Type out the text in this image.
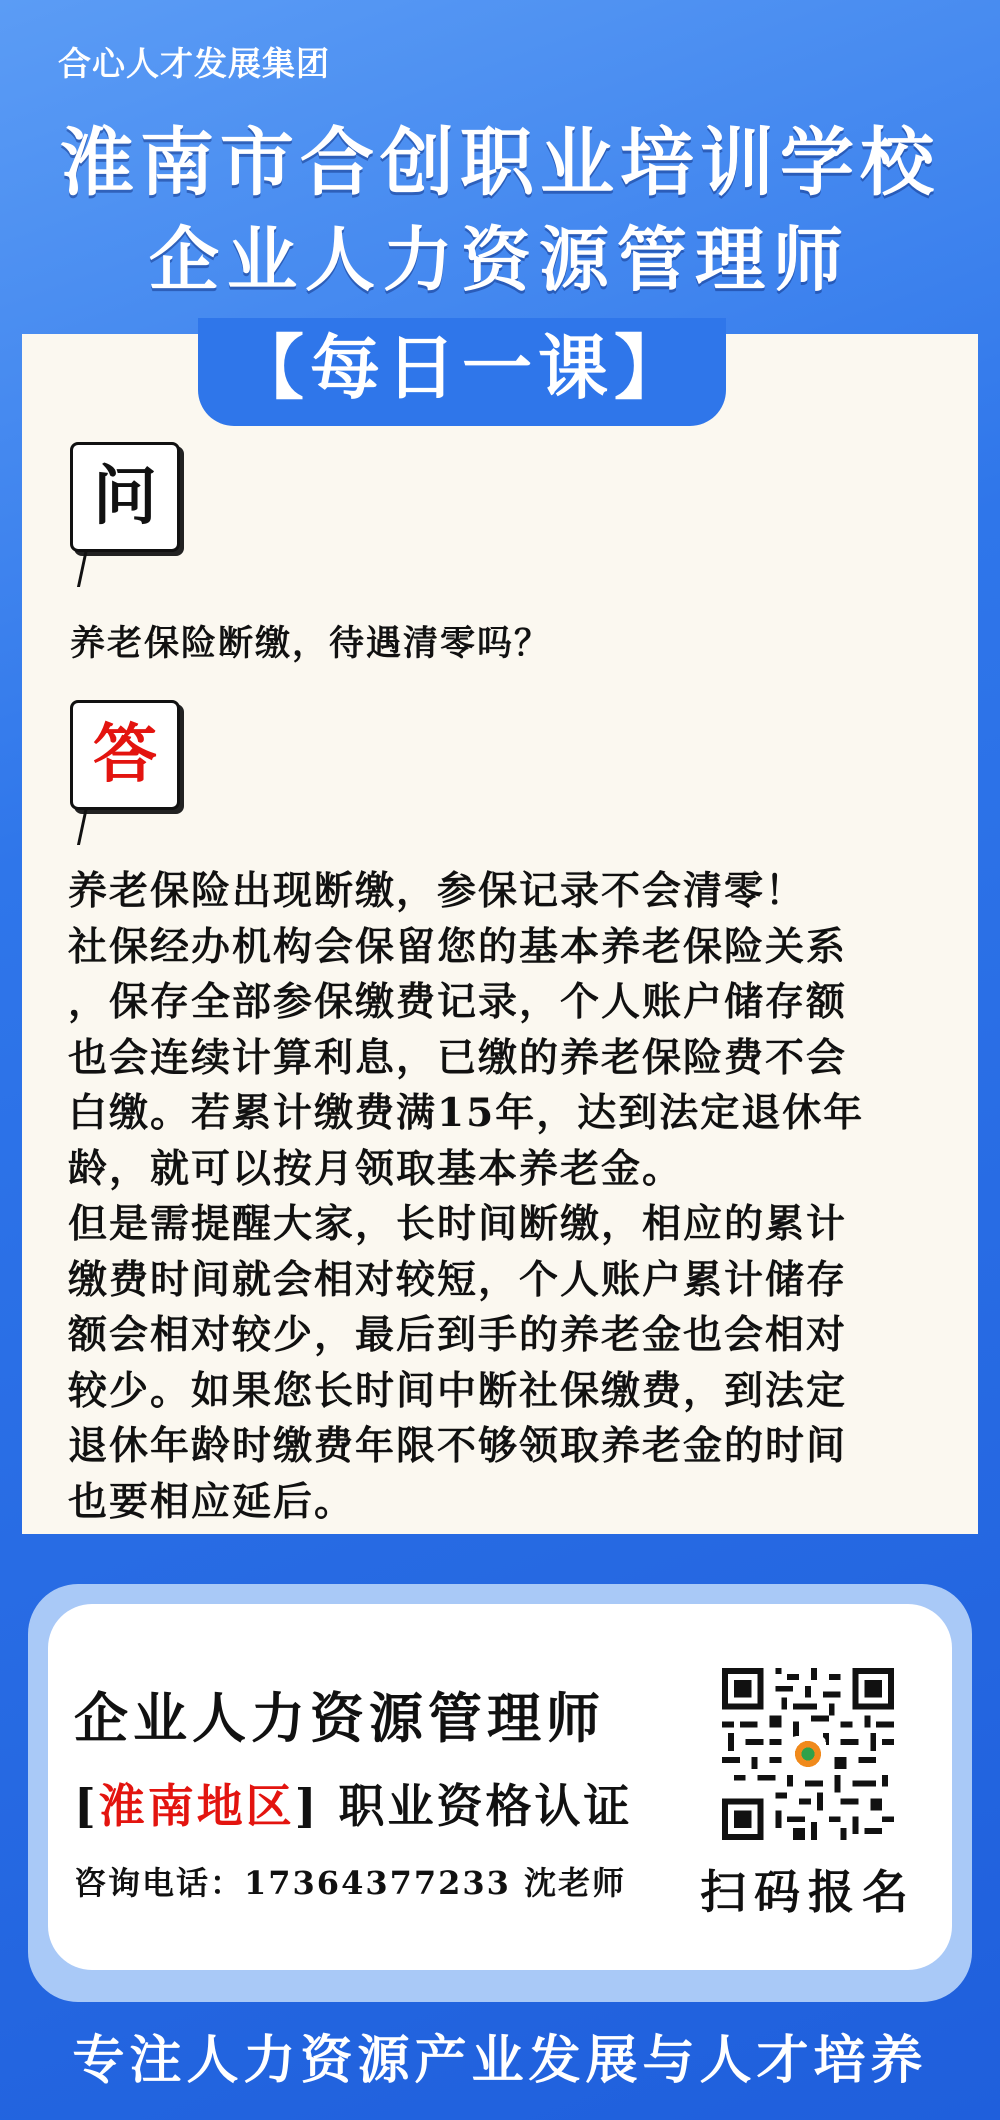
合心人才发展集团
淮南市合创职业培训学校
企业人力资源管理师
【每日一课】
问
养老保险断缴，待遇清零吗？
答

养老保险出现断缴，参保记录不会清零！

社保经办机构会保留您的基本养老保险关系

，保存全部参保缴费记录，个人账户储存额

也会连续计算利息，已缴的养老保险费不会

白缴。若累计缴费满15年，达到法定退休年

龄，就可以按月领取基本养老金。

但是需提醒大家，长时间断缴，相应的累计

缴费时间就会相对较短，个人账户累计储存

额会相对较少，最后到手的养老金也会相对

较少。如果您长时间中断社保缴费，到法定

退休年龄时缴费年限不够领取养老金的时间

也要相应延后。

企业人力资源管理师
[淮南地区] 职业资格认证
咨询电话：17364377233 沈老师 扫码报名
专注人力资源产业发展与人才培养
